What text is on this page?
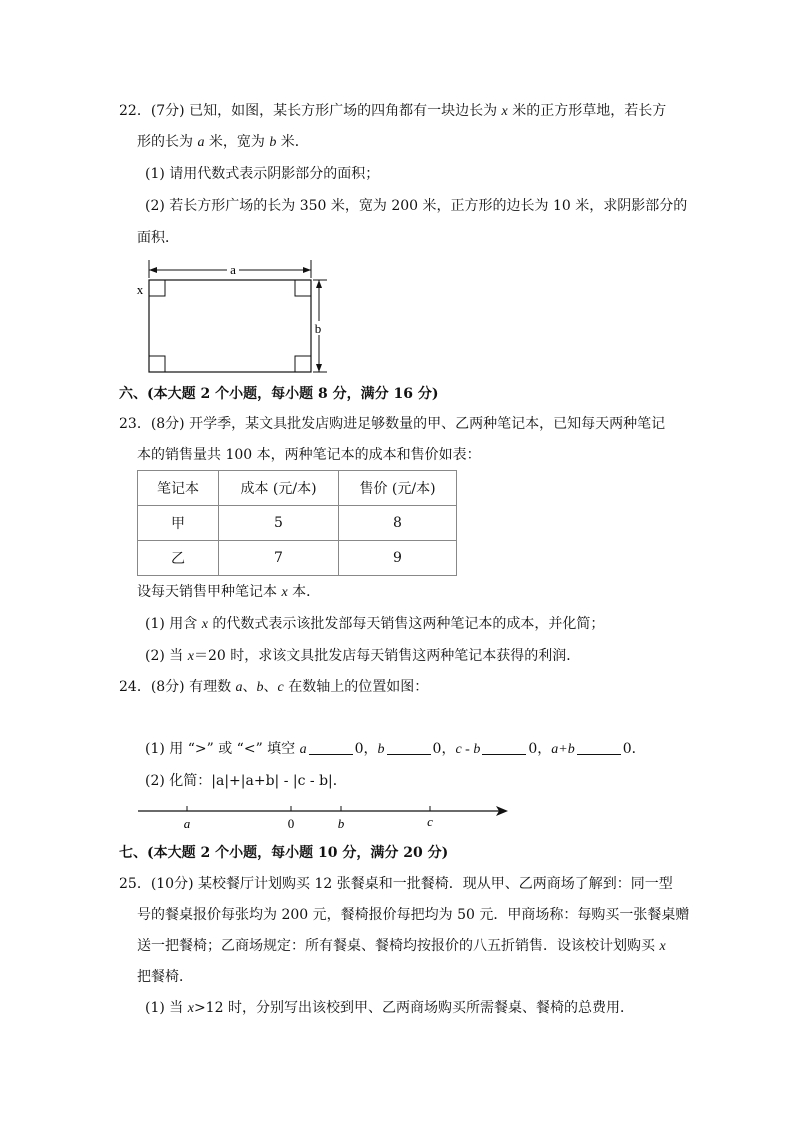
22．(7分) 已知，如图，某长方形广场的四角都有一块边长为 x 米的正方形草地，若长方
形的长为 a 米，宽为 b 米．
(1) 请用代数式表示阴影部分的面积；
(2) 若长方形广场的长为 350 米，宽为 200 米，正方形的边长为 10 米，求阴影部分的
面积．
a
x
b
六、(本大题 2 个小题，每小题 8 分，满分 16 分)
23．(8分) 开学季，某文具批发店购进足够数量的甲、乙两种笔记本，已知每天两种笔记
本的销售量共 100 本，两种笔记本的成本和售价如表：
笔记本	成本 (元/本)	售价 (元/本)
甲	5	8
乙	7	9
设每天销售甲种笔记本 x 本．
(1) 用含 x 的代数式表示该批发部每天销售这两种笔记本的成本，并化简；
(2) 当 x＝20 时，求该文具批发店每天销售这两种笔记本获得的利润．
24．(8分) 有理数 a、b、c 在数轴上的位置如图：
(1) 用 “>” 或 “<” 填空 a	0，b	0，c - b	0，a+b	0．
(2) 化简：|a|+|a+b| - |c - b|．
a	0	b	c
七、(本大题 2 个小题，每小题 10 分，满分 20 分)
25．(10分) 某校餐厅计划购买 12 张餐桌和一批餐椅．现从甲、乙两商场了解到：同一型
号的餐桌报价每张均为 200 元，餐椅报价每把均为 50 元．甲商场称：每购买一张餐桌赠
送一把餐椅；乙商场规定：所有餐桌、餐椅均按报价的八五折销售．设该校计划购买 x
把餐椅．
(1) 当 x>12 时，分别写出该校到甲、乙两商场购买所需餐桌、餐椅的总费用．
